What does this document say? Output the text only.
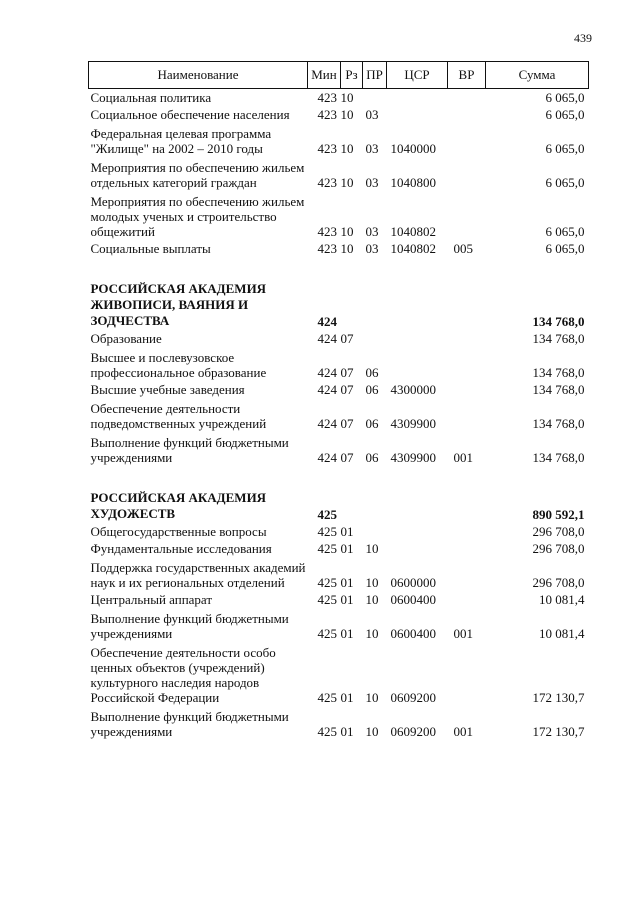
439
Наименование	Мин	Рз	ПР	ЦСР	ВР	Сумма
Социальная политика	423	10				6 065,0
Социальное обеспечение населения	423	10	03			6 065,0
Федеральная целевая программа "Жилище" на 2002 – 2010 годы	423	10	03	1040000		6 065,0
Мероприятия по обеспечению жильем отдельных категорий граждан	423	10	03	1040800		6 065,0
Мероприятия по обеспечению жильем молодых ученых и строительство общежитий	423	10	03	1040802		6 065,0
Социальные выплаты	423	10	03	1040802	005	6 065,0

РОССИЙСКАЯ АКАДЕМИЯ ЖИВОПИСИ, ВАЯНИЯ И ЗОДЧЕСТВА	424					134 768,0
Образование	424	07				134 768,0
Высшее и послевузовское профессиональное образование	424	07	06			134 768,0
Высшие учебные заведения	424	07	06	4300000		134 768,0
Обеспечение деятельности подведомственных учреждений	424	07	06	4309900		134 768,0
Выполнение функций бюджетными учреждениями	424	07	06	4309900	001	134 768,0

РОССИЙСКАЯ АКАДЕМИЯ ХУДОЖЕСТВ	425					890 592,1
Общегосударственные вопросы	425	01				296 708,0
Фундаментальные исследования	425	01	10			296 708,0
Поддержка государственных академий наук и их региональных отделений	425	01	10	0600000		296 708,0
Центральный аппарат	425	01	10	0600400		10 081,4
Выполнение функций бюджетными учреждениями	425	01	10	0600400	001	10 081,4
Обеспечение деятельности особо ценных объектов (учреждений) культурного наследия народов Российской Федерации	425	01	10	0609200		172 130,7
Выполнение функций бюджетными учреждениями	425	01	10	0609200	001	172 130,7
